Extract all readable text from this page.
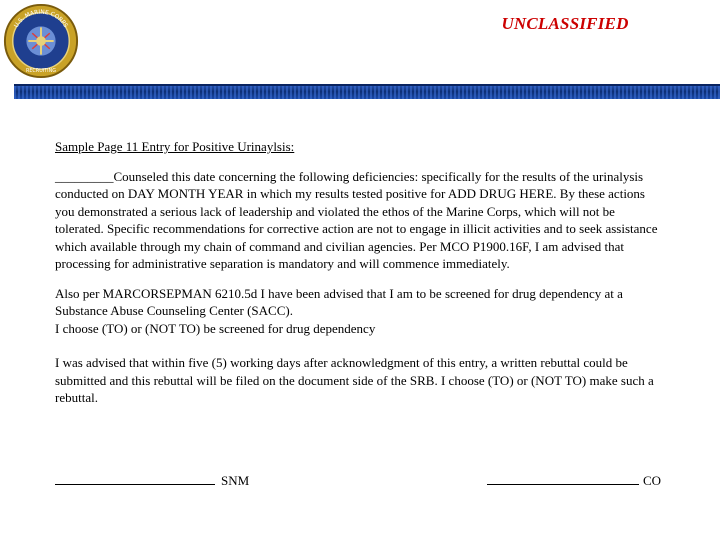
U.S. MARINE CORPS
RECRUITING
UNCLASSIFIED

Sample Page 11 Entry for Positive Urinaylsis:

_________Counseled this date concerning the following deficiencies: specifically for the results of the urinalysis conducted on DAY MONTH YEAR in which my results tested positive for ADD DRUG HERE. By these actions you demonstrated a serious lack of leadership and violated the ethos of the Marine Corps, which will not be tolerated. Specific recommendations for corrective action are not to engage in illicit activities and to seek assistance which available through my chain of command and civilian agencies. Per MCO P1900.16F, I am advised that processing for administrative separation is mandatory and will commence immediately.

Also per MARCORSEPMAN 6210.5d I have been advised that I am to be screened for drug dependency at a Substance Abuse Counseling Center (SACC).

I choose (TO) or (NOT TO) be screened for drug dependency

I was advised that within five (5) working days after acknowledgment of this entry, a written rebuttal could be submitted and this rebuttal will be filed on the document side of the SRB. I choose (TO) or (NOT TO) make such a rebuttal.

SNM	CO
